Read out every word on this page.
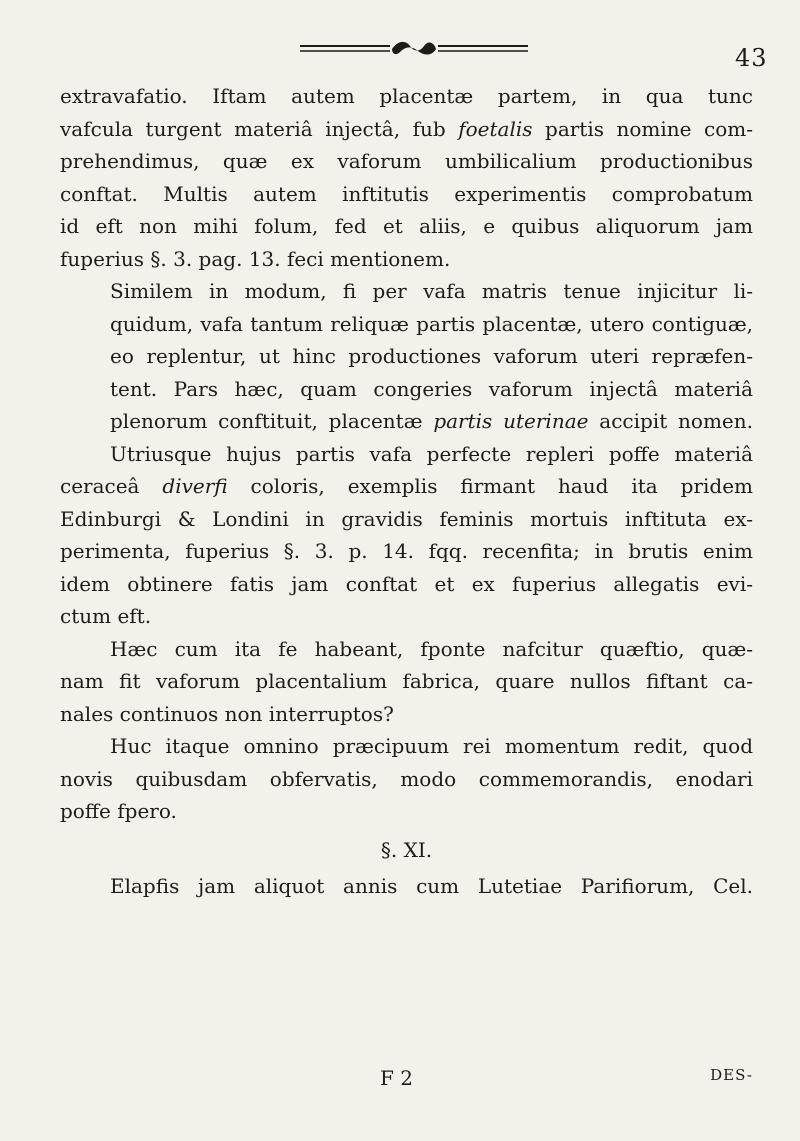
43

extravafatio. Iftam autem placentæ partem, in qua tunc
vafcula turgent materiâ injectâ, fub foetalis partis nomine com-
prehendimus, quæ ex vaforum umbilicalium productionibus
conftat. Multis autem inftitutis experimentis comprobatum
id eft non mihi folum, fed et aliis, e quibus aliquorum jam
fuperius §. 3. pag. 13. feci mentionem.

Similem in modum, fi per vafa matris tenue injicitur li-
quidum, vafa tantum reliquæ partis placentæ, utero contiguæ,
eo replentur, ut hinc productiones vaforum uteri repræfen-
tent. Pars hæc, quam congeries vaforum injectâ materiâ
plenorum conftituit, placentæ partis uterinae accipit nomen.

Utriusque hujus partis vafa perfecte repleri poffe materiâ
ceraceâ diverfi coloris, exemplis firmant haud ita pridem
Edinburgi & Londini in gravidis feminis mortuis inftituta ex-
perimenta, fuperius §. 3. p. 14. fqq. recenfita; in brutis enim
idem obtinere fatis jam conftat et ex fuperius allegatis evi-
ctum eft.

Hæc cum ita fe habeant, fponte nafcitur quæftio, quæ-
nam fit vaforum placentalium fabrica, quare nullos fiftant ca-
nales continuos non interruptos?

Huc itaque omnino præcipuum rei momentum redit, quod
novis quibusdam obfervatis, modo commemorandis, enodari
poffe fpero.

§. XI.

Elapfis jam aliquot annis cum Lutetiae Parifiorum, Cel.

F 2	DES-
